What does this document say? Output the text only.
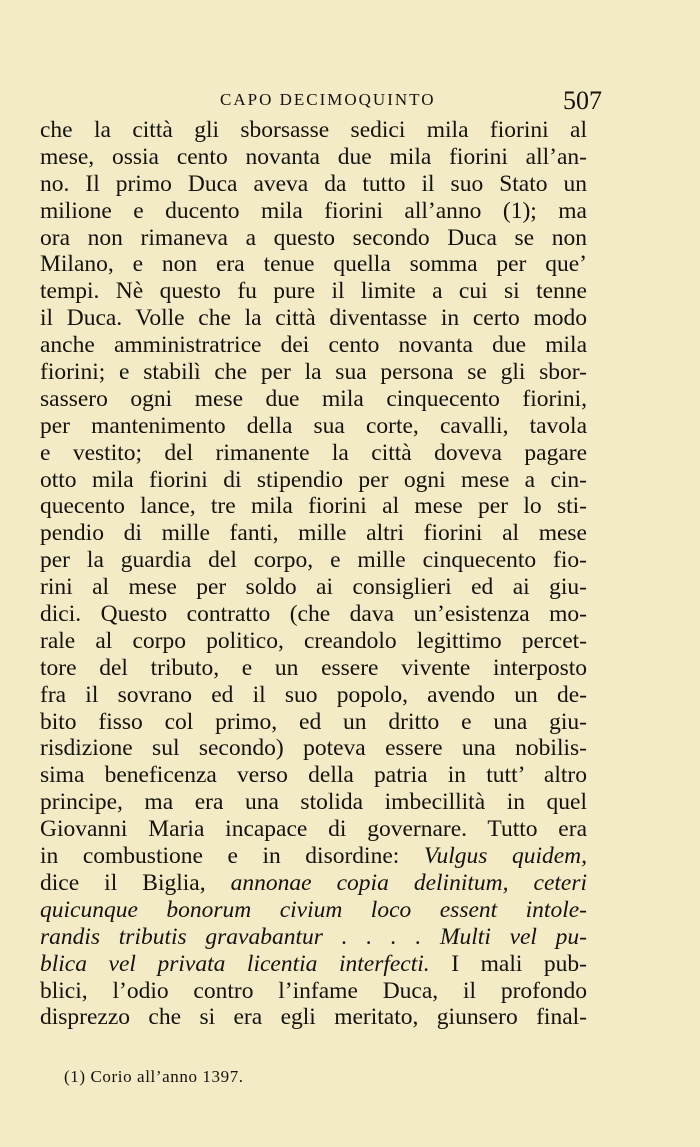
CAPO DECIMOQUINTO	507
che la città gli sborsasse sedici mila fiorini al
mese, ossia cento novanta due mila fiorini all’an-
no. Il primo Duca aveva da tutto il suo Stato un
milione e ducento mila fiorini all’anno (1); ma
ora non rimaneva a questo secondo Duca se non
Milano, e non era tenue quella somma per que’
tempi. Nè questo fu pure il limite a cui si tenne
il Duca. Volle che la città diventasse in certo modo
anche amministratrice dei cento novanta due mila
fiorini; e stabilì che per la sua persona se gli sbor-
sassero ogni mese due mila cinquecento fiorini,
per mantenimento della sua corte, cavalli, tavola
e vestito; del rimanente la città doveva pagare
otto mila fiorini di stipendio per ogni mese a cin-
quecento lance, tre mila fiorini al mese per lo sti-
pendio di mille fanti, mille altri fiorini al mese
per la guardia del corpo, e mille cinquecento fio-
rini al mese per soldo ai consiglieri ed ai giu-
dici. Questo contratto (che dava un’esistenza mo-
rale al corpo politico, creandolo legittimo percet-
tore del tributo, e un essere vivente interposto
fra il sovrano ed il suo popolo, avendo un de-
bito fisso col primo, ed un dritto e una giu-
risdizione sul secondo) poteva essere una nobilis-
sima beneficenza verso della patria in tutt’ altro
principe, ma era una stolida imbecillità in quel
Giovanni Maria incapace di governare. Tutto era
in combustione e in disordine: Vulgus quidem,
dice il Biglia, annonae copia delinitum, ceteri
quicunque bonorum civium loco essent intole-
randis tributis gravabantur . . . . Multi vel pu-
blica vel privata licentia interfecti. I mali pub-
blici, l’odio contro l’infame Duca, il profondo
disprezzo che si era egli meritato, giunsero final-
(1) Corio all’anno 1397.
